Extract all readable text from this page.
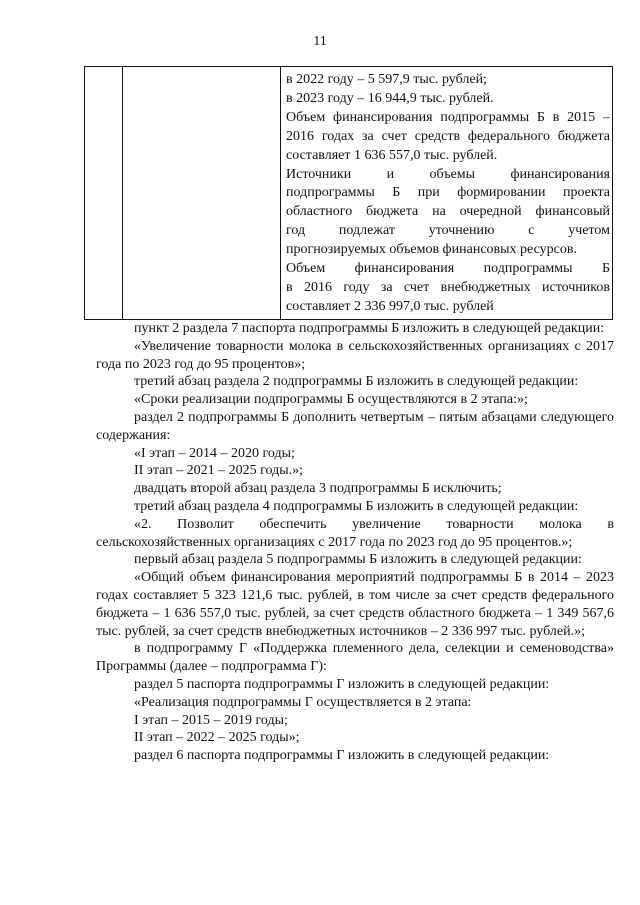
11

в 2022 году – 5 597,9 тыс. рублей;
в 2023 году – 16 944,9 тыс. рублей.
Объем финансирования подпрограммы Б в 2015 –
2016 годах за счет средств федерального бюджета
составляет 1 636 557,0 тыс. рублей.
Источники и объемы финансирования
подпрограммы Б при формировании проекта
областного бюджета на очередной финансовый
год подлежат уточнению с учетом
прогнозируемых объемов финансовых ресурсов.
Объем финансирования подпрограммы Б
в 2016 году за счет внебюджетных источников
составляет 2 336 997,0 тыс. рублей
пункт 2 раздела 7 паспорта подпрограммы Б изложить в следующей редакции:
«Увеличение товарности молока в сельскохозяйственных организациях с 2017 года по 2023 год до 95 процентов»;
третий абзац раздела 2 подпрограммы Б изложить в следующей редакции:
«Сроки реализации подпрограммы Б осуществляются в 2 этапа:»;
раздел 2 подпрограммы Б дополнить четвертым – пятым абзацами следующего содержания:
«I этап – 2014 – 2020 годы;
II этап – 2021 – 2025 годы.»;
двадцать второй абзац раздела 3 подпрограммы Б исключить;
третий абзац раздела 4 подпрограммы Б изложить в следующей редакции:
«2. Позволит обеспечить увеличение товарности молока в сельскохозяйственных организациях с 2017 года по 2023 год до 95 процентов.»;
первый абзац раздела 5 подпрограммы Б изложить в следующей редакции:
«Общий объем финансирования мероприятий подпрограммы Б в 2014 – 2023 годах составляет 5 323 121,6 тыс. рублей, в том числе за счет средств федерального бюджета – 1 636 557,0 тыс. рублей, за счет средств областного бюджета – 1 349 567,6 тыс. рублей, за счет средств внебюджетных источников – 2 336 997 тыс. рублей.»;
в подпрограмму Г «Поддержка племенного дела, селекции и семеноводства» Программы (далее – подпрограмма Г):
раздел 5 паспорта подпрограммы Г изложить в следующей редакции:
«Реализация подпрограммы Г осуществляется в 2 этапа:
I этап – 2015 – 2019 годы;
II этап – 2022 – 2025 годы»;
раздел 6 паспорта подпрограммы Г изложить в следующей редакции:
